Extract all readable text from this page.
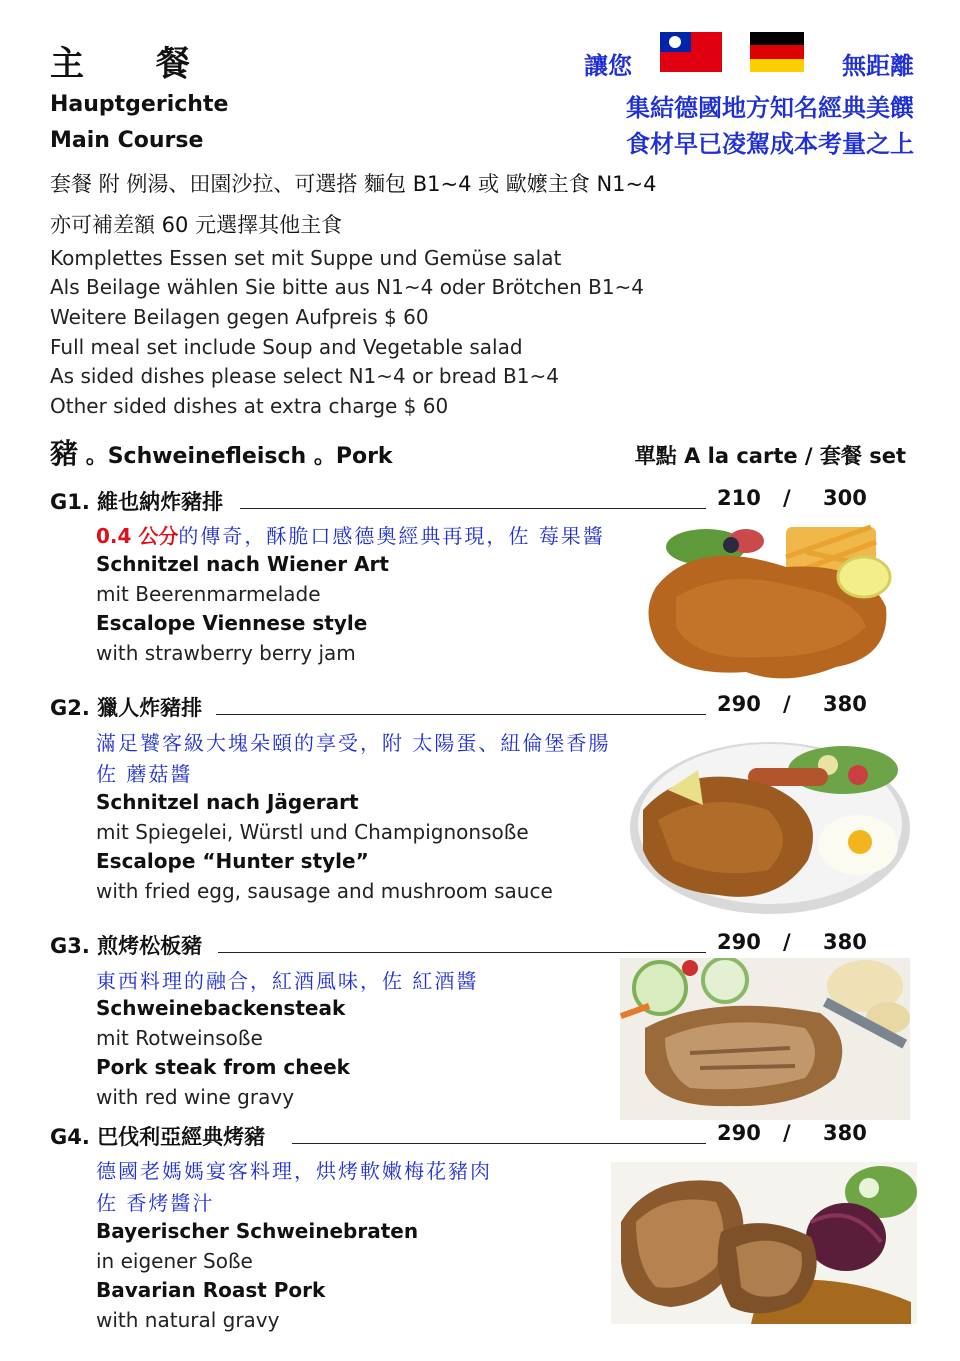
主 餐
Hauptgerichte
Main Course
讓您	無距離
集結德國地方知名經典美饌
食材早已凌駕成本考量之上
套餐 附 例湯、田園沙拉、可選搭 麵包 B1~4 或 歐嬤主食 N1~4
亦可補差額 60 元選擇其他主食
Komplettes Essen set mit Suppe und Gemüse salat
Als Beilage wählen Sie bitte aus N1~4 oder Brötchen B1~4
Weitere Beilagen gegen Aufpreis $ 60
Full meal set include Soup and Vegetable salad
As sided dishes please select N1~4 or bread B1~4
Other sided dishes at extra charge $ 60
豬 。Schweinefleisch 。Pork	單點 A la carte / 套餐 set
G1. 維也納炸豬排	210 / 300
0.4 公分的傳奇，酥脆口感德奧經典再現，佐 莓果醬
Schnitzel nach Wiener Art
mit Beerenmarmelade
Escalope Viennese style
with strawberry berry jam
G2. 獵人炸豬排	290 / 380
滿足饕客級大塊朵頤的享受，附 太陽蛋、紐倫堡香腸
佐 蘑菇醬
Schnitzel nach Jägerart
mit Spiegelei, Würstl und Champignonsoße
Escalope “Hunter style”
with fried egg, sausage and mushroom sauce
G3. 煎烤松板豬	290 / 380
東西料理的融合，紅酒風味，佐 紅酒醬
Schweinebackensteak
mit Rotweinsoße
Pork steak from cheek
with red wine gravy
G4. 巴伐利亞經典烤豬	290 / 380
德國老媽媽宴客料理，烘烤軟嫩梅花豬肉
佐 香烤醬汁
Bayerischer Schweinebraten
in eigener Soße
Bavarian Roast Pork
with natural gravy
